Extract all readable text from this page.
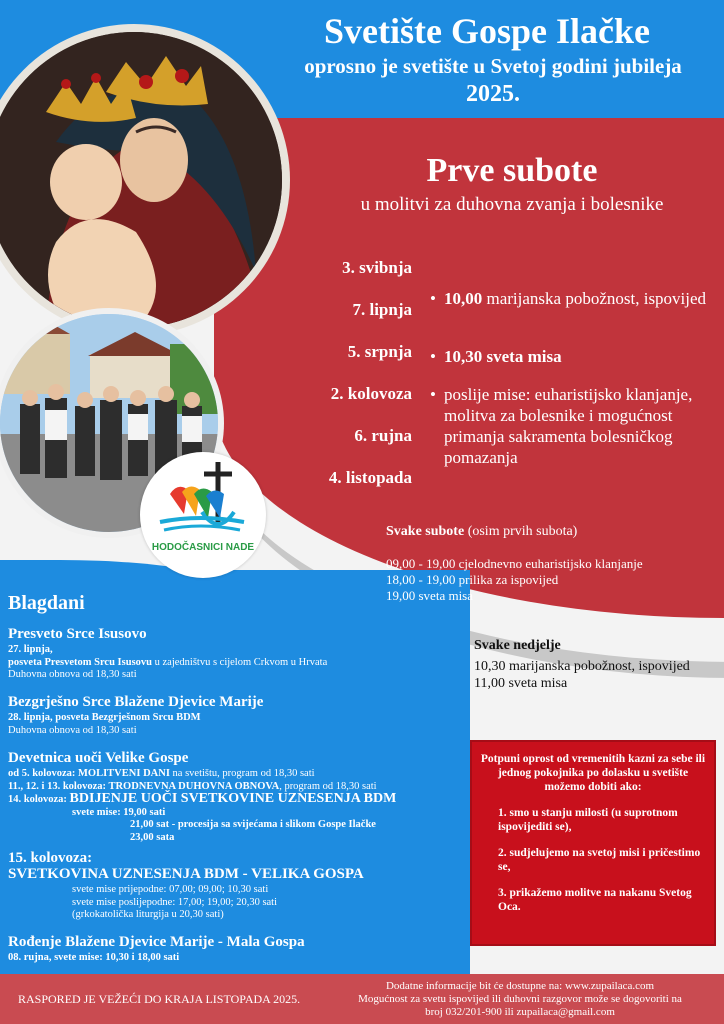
Svetište Gospe Ilačke
oprosno je svetište u Svetoj godini jubileja
2025.
HODOČASNICI NADE
Prve subote
u molitvi za duhovna zvanja i bolesnike
3. svibnja
7. lipnja
5. srpnja
2. kolovoza
6. rujna
4. listopada
• 10,00 marijanska pobožnost, ispovijed
• 10,30 sveta misa
• poslije mise: euharistijsko klanjanje, molitva za bolesnike i mogućnost primanja sakramenta bolesničkog pomazanja
Svake subote (osim prvih subota)
09,00 - 19,00 cjelodnevno euharistijsko klanjanje
18,00 - 19,00 prilika za ispovijed
19,00 sveta misa
Svake nedjelje
10,30 marijanska pobožnost, ispovijed
11,00 sveta misa
Blagdani
Presveto Srce Isusovo
27. lipnja,
posveta Presvetom Srcu Isusovu u zajedništvu s cijelom Crkvom u Hrvata
Duhovna obnova od 18,30 sati
Bezgrješno Srce Blažene Djevice Marije
28. lipnja, posveta Bezgrješnom Srcu BDM
Duhovna obnova od 18,30 sati
Devetnica uoči Velike Gospe
od 5. kolovoza: MOLITVENI DANI na svetištu, program od 18,30 sati
11., 12. i 13. kolovoza: TRODNEVNA DUHOVNA OBNOVA, program od 18,30 sati
14. kolovoza: BDIJENJE UOČI SVETKOVINE UZNESENJA BDM
svete mise: 19,00 sati
21,00 sat - procesija sa svijećama i slikom Gospe Ilačke
23,00 sata
15. kolovoza:
SVETKOVINA UZNESENJA BDM - VELIKA GOSPA
svete mise prijepodne: 07,00; 09,00; 10,30 sati
svete mise poslijepodne: 17,00; 19,00; 20,30 sati
(grkokatolička liturgija u 20,30 sati)
Rođenje Blažene Djevice Marije - Mala Gospa
08. rujna, svete mise: 10,30 i 18,00 sati
Potpuni oprost od vremenitih kazni za sebe ili jednog pokojnika po dolasku u svetište možemo dobiti ako:
1. smo u stanju milosti (u suprotnom ispovijediti se),
2. sudjelujemo na svetoj misi i pričestimo se,
3. prikažemo molitve na nakanu Svetog Oca.
RASPORED JE VEŽEĆI DO KRAJA LISTOPADA 2025.
Dodatne informacije bit će dostupne na: www.zupailaca.com
Mogućnost za svetu ispovijed ili duhovni razgovor može se dogovoriti na
broj 032/201-900 ili zupailaca@gmail.com
